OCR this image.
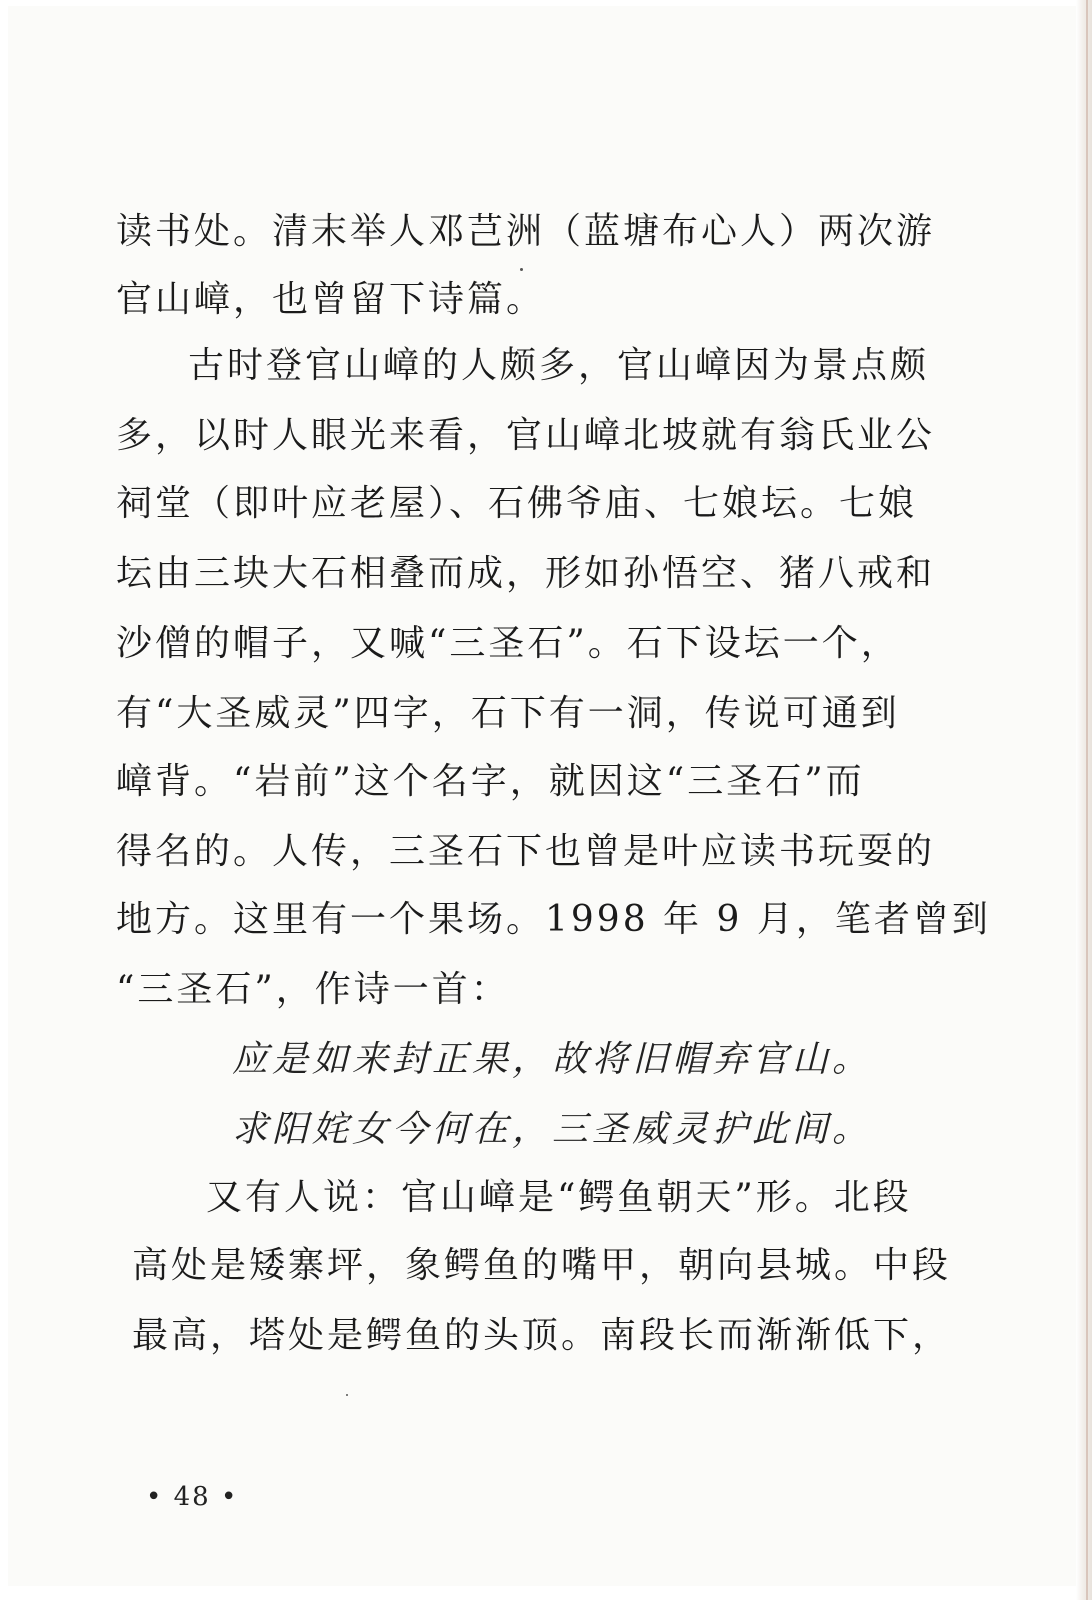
读书处。清末举人邓芑洲（蓝塘布心人）两次游
官山嶂，也曾留下诗篇。
古时登官山嶂的人颇多，官山嶂因为景点颇
多，以时人眼光来看，官山嶂北坡就有翁氏业公
祠堂（即叶应老屋）、石佛爷庙、七娘坛。七娘
坛由三块大石相叠而成，形如孙悟空、猪八戒和
沙僧的帽子，又喊“三圣石”。石下设坛一个，
有“大圣威灵”四字，石下有一洞，传说可通到
嶂背。“岩前”这个名字，就因这“三圣石”而
得名的。人传，三圣石下也曾是叶应读书玩耍的
地方。这里有一个果场。1998 年 9 月，笔者曾到
“三圣石”，作诗一首：
应是如来封正果，故将旧帽弃官山。
求阳姹女今何在，三圣威灵护此间。
又有人说：官山嶂是“鳄鱼朝天”形。北段
高处是矮寨坪，象鳄鱼的嘴甲，朝向县城。中段
最高，塔处是鳄鱼的头顶。南段长而渐渐低下，
• 48 •
